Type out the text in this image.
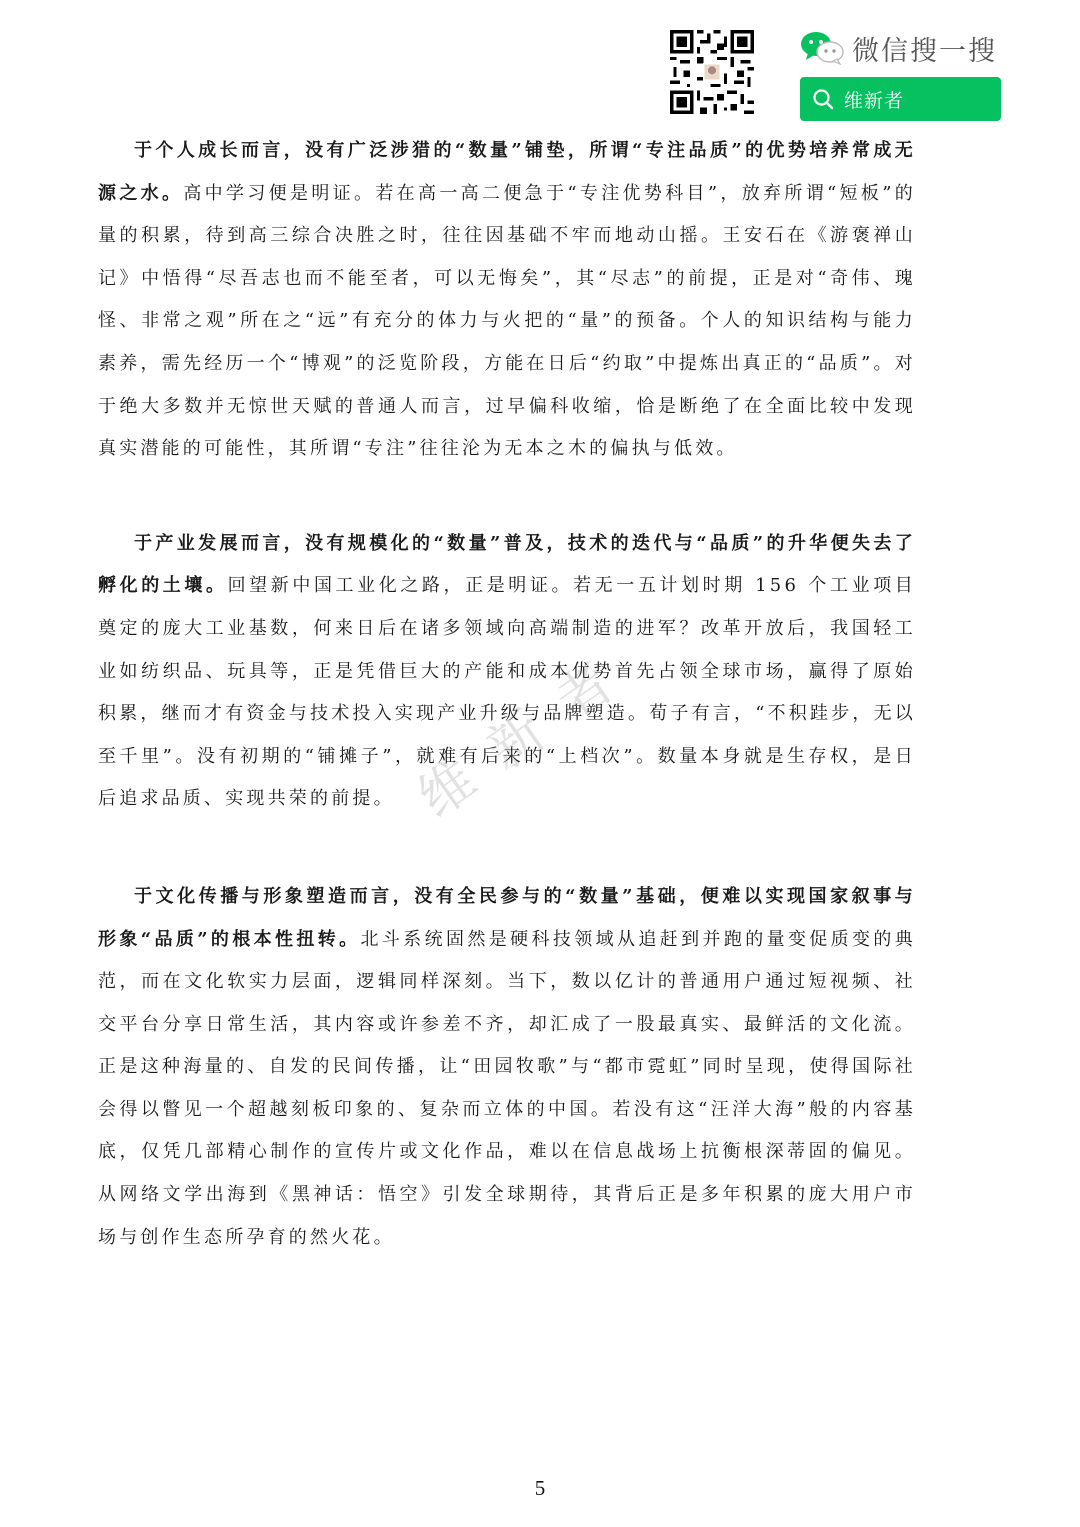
微信搜一搜
维新者

于个人成长而言，没有广泛涉猎的“数量”铺垫，所谓“专注品质”的优势培养常成无源之水。高中学习便是明证。若在高一高二便急于“专注优势科目”，放弃所谓“短板”的量的积累，待到高三综合决胜之时，往往因基础不牢而地动山摇。王安石在《游褒禅山记》中悟得“尽吾志也而不能至者，可以无悔矣”，其“尽志”的前提，正是对“奇伟、瑰怪、非常之观”所在之“远”有充分的体力与火把的“量”的预备。个人的知识结构与能力素养，需先经历一个“博观”的泛览阶段，方能在日后“约取”中提炼出真正的“品质”。对于绝大多数并无惊世天赋的普通人而言，过早偏科收缩，恰是断绝了在全面比较中发现真实潜能的可能性，其所谓“专注”往往沦为无本之木的偏执与低效。

于产业发展而言，没有规模化的“数量”普及，技术的迭代与“品质”的升华便失去了孵化的土壤。回望新中国工业化之路，正是明证。若无一五计划时期 156 个工业项目奠定的庞大工业基数，何来日后在诸多领域向高端制造的进军？改革开放后，我国轻工业如纺织品、玩具等，正是凭借巨大的产能和成本优势首先占领全球市场，赢得了原始积累，继而才有资金与技术投入实现产业升级与品牌塑造。荀子有言，“不积跬步，无以至千里”。没有初期的“铺摊子”，就难有后来的“上档次”。数量本身就是生存权，是日后追求品质、实现共荣的前提。

于文化传播与形象塑造而言，没有全民参与的“数量”基础，便难以实现国家叙事与形象“品质”的根本性扭转。北斗系统固然是硬科技领域从追赶到并跑的量变促质变的典范，而在文化软实力层面，逻辑同样深刻。当下，数以亿计的普通用户通过短视频、社交平台分享日常生活，其内容或许参差不齐，却汇成了一股最真实、最鲜活的文化流。正是这种海量的、自发的民间传播，让“田园牧歌”与“都市霓虹”同时呈现，使得国际社会得以瞥见一个超越刻板印象的、复杂而立体的中国。若没有这“汪洋大海”般的内容基底，仅凭几部精心制作的宣传片或文化作品，难以在信息战场上抗衡根深蒂固的偏见。从网络文学出海到《黑神话：悟空》引发全球期待，其背后正是多年积累的庞大用户市场与创作生态所孕育的然火花。

维新者
5
